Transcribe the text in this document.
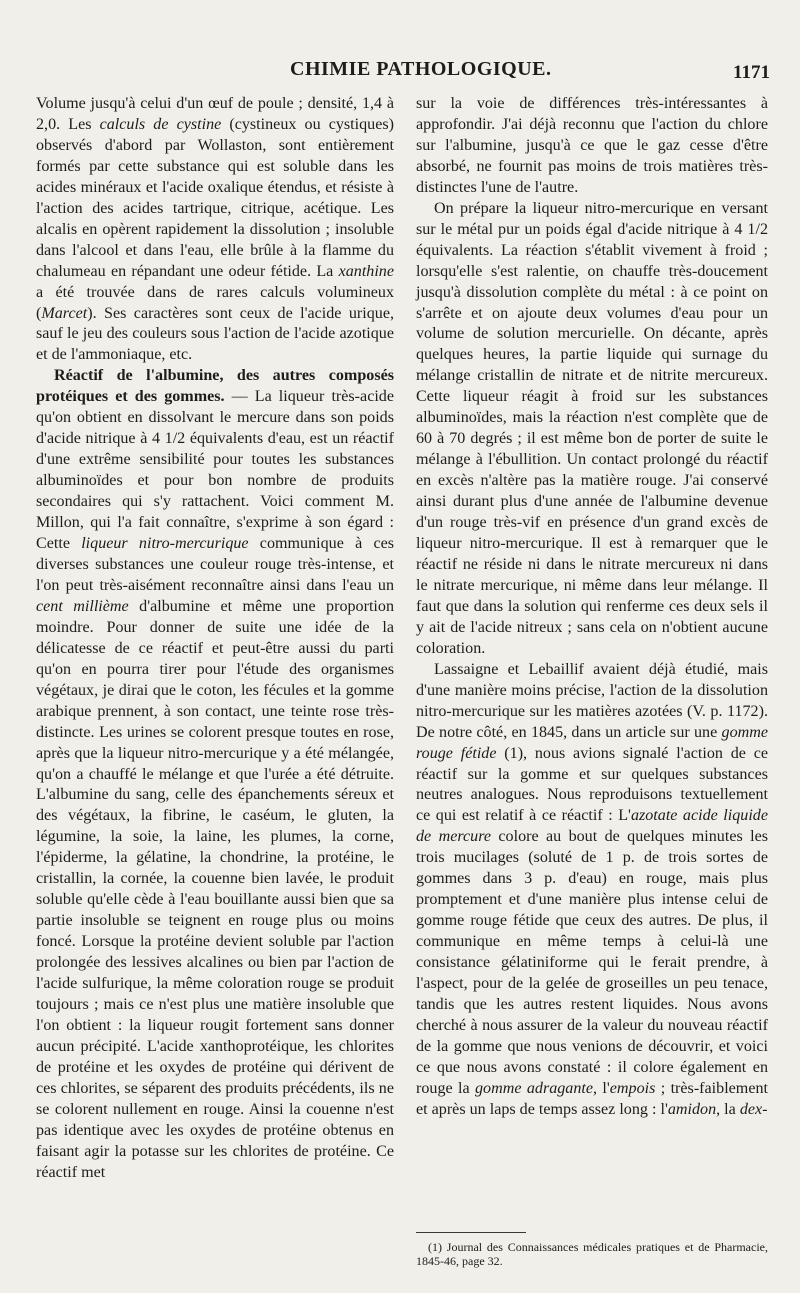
CHIMIE PATHOLOGIQUE.	1171

Volume jusqu'à celui d'un œuf de poule ; densité, 1,4 à 2,0. Les calculs de cystine (cystineux ou cystiques) observés d'abord par Wollaston, sont entièrement formés par cette substance qui est soluble dans les acides minéraux et l'acide oxalique étendus, et résiste à l'action des acides tartrique, citrique, acétique. Les alcalis en opèrent rapidement la dissolution ; insoluble dans l'alcool et dans l'eau, elle brûle à la flamme du chalumeau en répandant une odeur fétide. La xanthine a été trouvée dans de rares calculs volumineux (Marcet). Ses caractères sont ceux de l'acide urique, sauf le jeu des couleurs sous l'action de l'acide azotique et de l'ammoniaque, etc.

Réactif de l'albumine, des autres composés protéiques et des gommes. — La liqueur très-acide qu'on obtient en dissolvant le mercure dans son poids d'acide nitrique à 4 1/2 équivalents d'eau, est un réactif d'une extrême sensibilité pour toutes les substances albuminoïdes et pour bon nombre de produits secondaires qui s'y rattachent. Voici comment M. Millon, qui l'a fait connaître, s'exprime à son égard : Cette liqueur nitro-mercurique communique à ces diverses substances une couleur rouge très-intense, et l'on peut très-aisément reconnaître ainsi dans l'eau un cent millième d'albumine et même une proportion moindre. Pour donner de suite une idée de la délicatesse de ce réactif et peut-être aussi du parti qu'on en pourra tirer pour l'étude des organismes végétaux, je dirai que le coton, les fécules et la gomme arabique prennent, à son contact, une teinte rose très-distincte. Les urines se colorent presque toutes en rose, après que la liqueur nitro-mercurique y a été mélangée, qu'on a chauffé le mélange et que l'urée a été détruite. L'albumine du sang, celle des épanchements séreux et des végétaux, la fibrine, le caséum, le gluten, la légumine, la soie, la laine, les plumes, la corne, l'épiderme, la gélatine, la chondrine, la protéine, le cristallin, la cornée, la couenne bien lavée, le produit soluble qu'elle cède à l'eau bouillante aussi bien que sa partie insoluble se teignent en rouge plus ou moins foncé. Lorsque la protéine devient soluble par l'action prolongée des lessives alcalines ou bien par l'action de l'acide sulfurique, la même coloration rouge se produit toujours ; mais ce n'est plus une matière insoluble que l'on obtient : la liqueur rougit fortement sans donner aucun précipité. L'acide xanthoprotéique, les chlorites de protéine et les oxydes de protéine qui dérivent de ces chlorites, se séparent des produits précédents, ils ne se colorent nullement en rouge. Ainsi la couenne n'est pas identique avec les oxydes de protéine obtenus en faisant agir la potasse sur les chlorites de protéine. Ce réactif met

sur la voie de différences très-intéressantes à approfondir. J'ai déjà reconnu que l'action du chlore sur l'albumine, jusqu'à ce que le gaz cesse d'être absorbé, ne fournit pas moins de trois matières très-distinctes l'une de l'autre.

On prépare la liqueur nitro-mercurique en versant sur le métal pur un poids égal d'acide nitrique à 4 1/2 équivalents. La réaction s'établit vivement à froid ; lorsqu'elle s'est ralentie, on chauffe très-doucement jusqu'à dissolution complète du métal : à ce point on s'arrête et on ajoute deux volumes d'eau pour un volume de solution mercurielle. On décante, après quelques heures, la partie liquide qui surnage du mélange cristallin de nitrate et de nitrite mercureux. Cette liqueur réagit à froid sur les substances albuminoïdes, mais la réaction n'est complète que de 60 à 70 degrés ; il est même bon de porter de suite le mélange à l'ébullition. Un contact prolongé du réactif en excès n'altère pas la matière rouge. J'ai conservé ainsi durant plus d'une année de l'albumine devenue d'un rouge très-vif en présence d'un grand excès de liqueur nitro-mercurique. Il est à remarquer que le réactif ne réside ni dans le nitrate mercureux ni dans le nitrate mercurique, ni même dans leur mélange. Il faut que dans la solution qui renferme ces deux sels il y ait de l'acide nitreux ; sans cela on n'obtient aucune coloration.

Lassaigne et Lebaillif avaient déjà étudié, mais d'une manière moins précise, l'action de la dissolution nitro-mercurique sur les matières azotées (V. p. 1172). De notre côté, en 1845, dans un article sur une gomme rouge fétide (1), nous avions signalé l'action de ce réactif sur la gomme et sur quelques substances neutres analogues. Nous reproduisons textuellement ce qui est relatif à ce réactif : L'azotate acide liquide de mercure colore au bout de quelques minutes les trois mucilages (soluté de 1 p. de trois sortes de gommes dans 3 p. d'eau) en rouge, mais plus promptement et d'une manière plus intense celui de gomme rouge fétide que ceux des autres. De plus, il communique en même temps à celui-là une consistance gélatiniforme qui le ferait prendre, à l'aspect, pour de la gelée de groseilles un peu tenace, tandis que les autres restent liquides. Nous avons cherché à nous assurer de la valeur du nouveau réactif de la gomme que nous venions de découvrir, et voici ce que nous avons constaté : il colore également en rouge la gomme adragante, l'empois ; très-faiblement et après un laps de temps assez long : l'amidon, la dex-

(1) Journal des Connaissances médicales pratiques et de Pharmacie, 1845-46, page 32.
